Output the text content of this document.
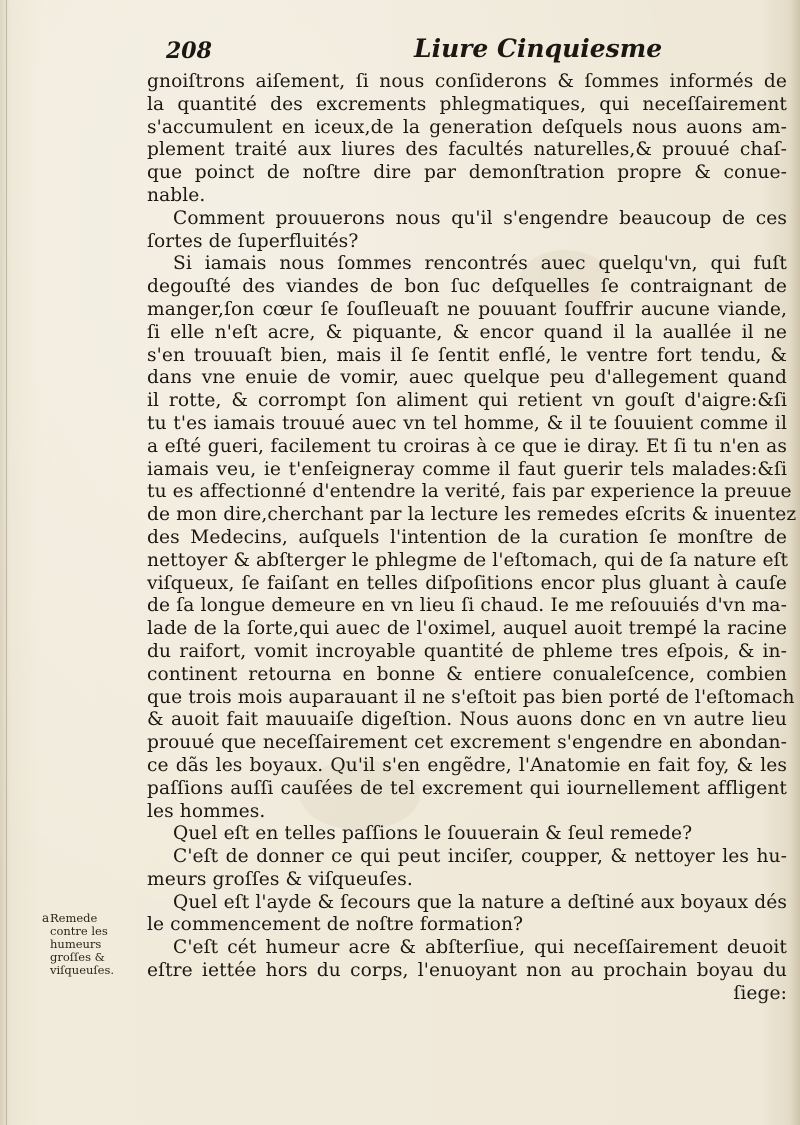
208	Liure Cinquiesme
gnoiſtrons aiſement, ſi nous conſiderons & ſommes informés de
la quantité des excrements phlegmatiques, qui neceſſairement
s'accumulent en iceux,de la generation deſquels nous auons am-
plement traité aux liures des facultés naturelles,& prouué chaſ-
que poinct de noſtre dire par demonſtration propre & conue-
nable.
Comment prouuerons nous qu'il s'engendre beaucoup de ces
ſortes de ſuperfluités?
Si iamais nous ſommes rencontrés auec quelqu'vn, qui fuſt
degouſté des viandes de bon ſuc deſquelles ſe contraignant de
manger,ſon cœur ſe ſouſleuaſt ne pouuant ſouffrir aucune viande,
ſi elle n'eſt acre, & piquante, & encor quand il la auallée il ne
s'en trouuaſt bien, mais il ſe ſentit enflé, le ventre fort tendu, &
dans vne enuie de vomir, auec quelque peu d'allegement quand
il rotte, & corrompt ſon aliment qui retient vn gouſt d'aigre:&ſi
tu t'es iamais trouué auec vn tel homme, & il te ſouuient comme il
a eſté gueri, facilement tu croiras à ce que ie diray. Et ſi tu n'en as
iamais veu, ie t'enſeigneray comme il faut guerir tels malades:&ſi
tu es affectionné d'entendre la verité, fais par experience la preuue
de mon dire,cherchant par la lecture les remedes eſcrits & inuentez
des Medecins, auſquels l'intention de la curation ſe monſtre de
nettoyer & abſterger le phlegme de l'eſtomach, qui de ſa nature eſt
viſqueux, ſe faiſant en telles diſpoſitions encor plus gluant à cauſe
de ſa longue demeure en vn lieu ſi chaud. Ie me reſouuiés d'vn ma-
lade de la ſorte,qui auec de l'oximel, auquel auoit trempé la racine
du raifort, vomit incroyable quantité de phleme tres eſpois, & in-
continent retourna en bonne & entiere conualeſcence, combien
que trois mois auparauant il ne s'eſtoit pas bien porté de l'eſtomach
& auoit fait mauuaiſe digeſtion. Nous auons donc en vn autre lieu
prouué que neceſſairement cet excrement s'engendre en abondan-
ce dãs les boyaux. Qu'il s'en engẽdre, l'Anatomie en fait foy, & les
paſſions auſſi cauſées de tel excrement qui iournellement affligent
les hommes.
Quel eſt en telles paſſions le ſouuerain & ſeul remede?
C'eſt de donner ce qui peut inciſer, coupper, & nettoyer les hu-
meurs groſſes & viſqueuſes.
Quel eſt l'ayde & ſecours que la nature a deſtiné aux boyaux dés
le commencement de noſtre formation?
C'eſt cét humeur acre & abſterſiue, qui neceſſairement deuoit
eſtre iettée hors du corps, l'enuoyant non au prochain boyau du
ſiege:
a Remede
contre les
humeurs
groſſes &
viſqueuſes.
